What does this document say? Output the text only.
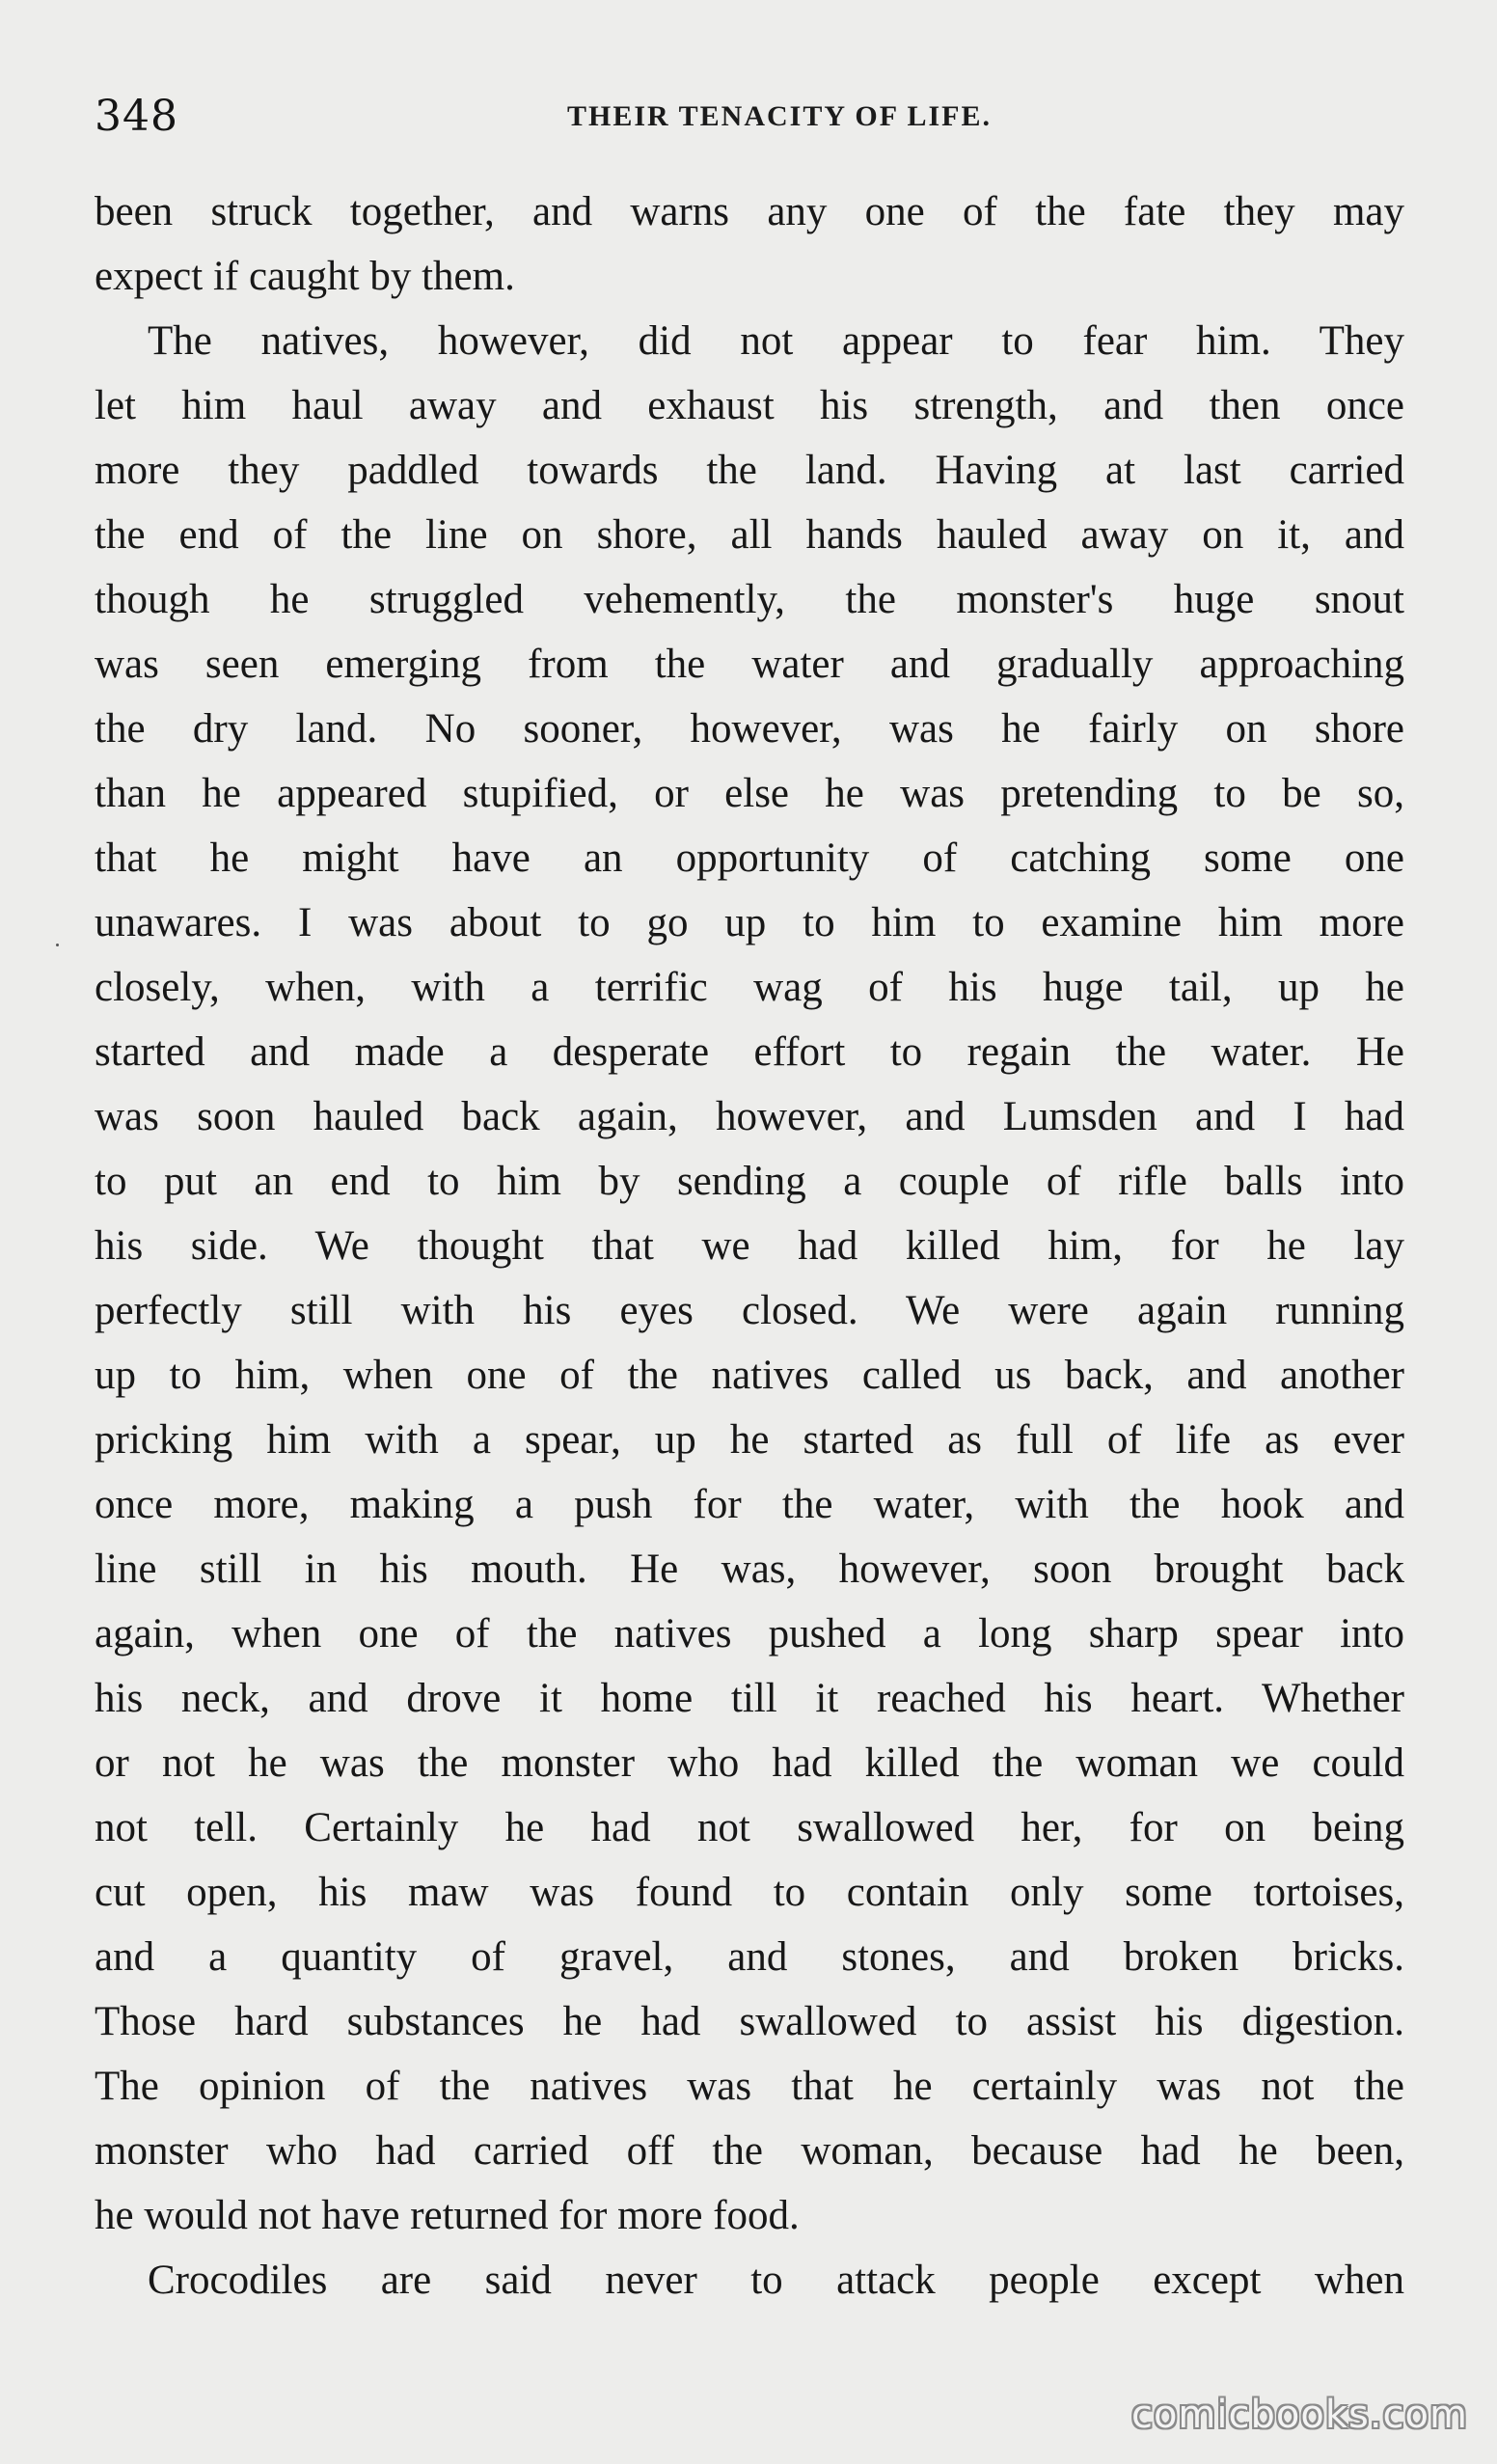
348	THEIR TENACITY OF LIFE.
been struck together, and warns any one of the fate they may
expect if caught by them.
The natives, however, did not appear to fear him. They
let him haul away and exhaust his strength, and then once
more they paddled towards the land. Having at last carried
the end of the line on shore, all hands hauled away on it, and
though he struggled vehemently, the monster's huge snout
was seen emerging from the water and gradually approaching
the dry land. No sooner, however, was he fairly on shore
than he appeared stupified, or else he was pretending to be so,
that he might have an opportunity of catching some one
unawares. I was about to go up to him to examine him more
closely, when, with a terrific wag of his huge tail, up he
started and made a desperate effort to regain the water. He
was soon hauled back again, however, and Lumsden and I had
to put an end to him by sending a couple of rifle balls into
his side. We thought that we had killed him, for he lay
perfectly still with his eyes closed. We were again running
up to him, when one of the natives called us back, and another
pricking him with a spear, up he started as full of life as ever
once more, making a push for the water, with the hook and
line still in his mouth. He was, however, soon brought back
again, when one of the natives pushed a long sharp spear into
his neck, and drove it home till it reached his heart. Whether
or not he was the monster who had killed the woman we could
not tell. Certainly he had not swallowed her, for on being
cut open, his maw was found to contain only some tortoises,
and a quantity of gravel, and stones, and broken bricks.
Those hard substances he had swallowed to assist his digestion.
The opinion of the natives was that he certainly was not the
monster who had carried off the woman, because had he been,
he would not have returned for more food.
Crocodiles are said never to attack people except when
comicbooks.com
